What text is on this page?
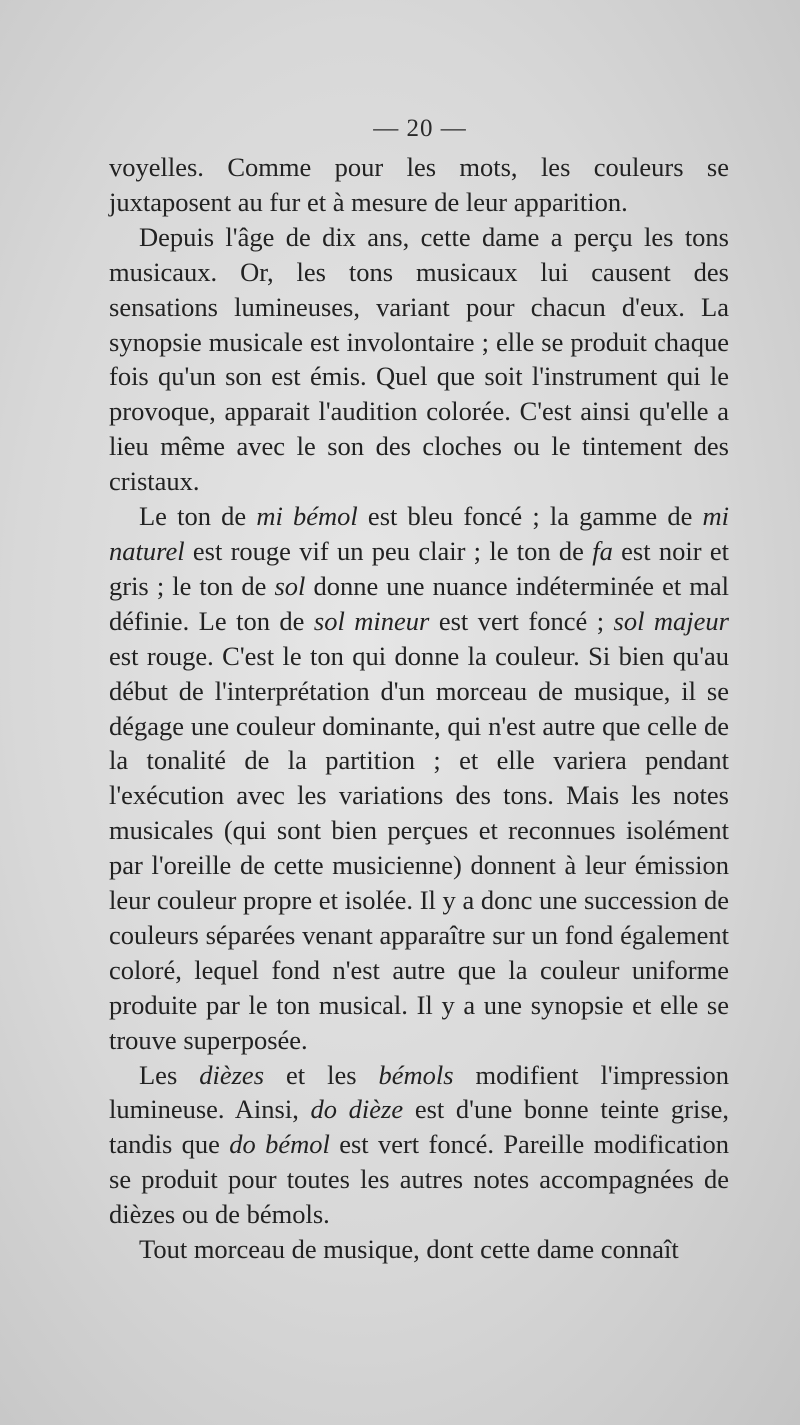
— 20 —

voyelles. Comme pour les mots, les couleurs se juxtaposent au fur et à mesure de leur apparition.

Depuis l'âge de dix ans, cette dame a perçu les tons musicaux. Or, les tons musicaux lui causent des sensations lumineuses, variant pour chacun d'eux. La synopsie musicale est involontaire ; elle se produit chaque fois qu'un son est émis. Quel que soit l'instrument qui le provoque, apparait l'audition colorée. C'est ainsi qu'elle a lieu même avec le son des cloches ou le tintement des cristaux.

Le ton de mi bémol est bleu foncé ; la gamme de mi naturel est rouge vif un peu clair ; le ton de fa est noir et gris ; le ton de sol donne une nuance indéterminée et mal définie. Le ton de sol mineur est vert foncé ; sol majeur est rouge. C'est le ton qui donne la couleur. Si bien qu'au début de l'interprétation d'un morceau de musique, il se dégage une couleur dominante, qui n'est autre que celle de la tonalité de la partition ; et elle variera pendant l'exécution avec les variations des tons. Mais les notes musicales (qui sont bien perçues et reconnues isolément par l'oreille de cette musicienne) donnent à leur émission leur couleur propre et isolée. Il y a donc une succession de couleurs séparées venant apparaître sur un fond également coloré, lequel fond n'est autre que la couleur uniforme produite par le ton musical. Il y a une synopsie et elle se trouve superposée.

Les dièzes et les bémols modifient l'impression lumineuse. Ainsi, do dièze est d'une bonne teinte grise, tandis que do bémol est vert foncé. Pareille modification se produit pour toutes les autres notes accompagnées de dièzes ou de bémols.

Tout morceau de musique, dont cette dame connaît
